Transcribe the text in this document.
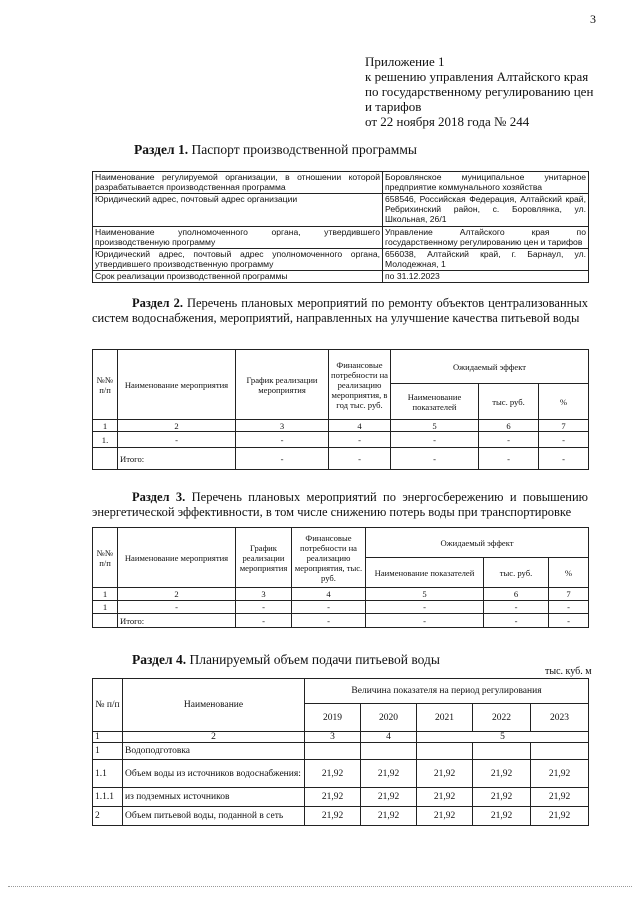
3
Приложение 1
к решению управления Алтайского края
по государственному регулированию цен
и тарифов
от 22 ноября 2018 года № 244
Раздел 1. Паспорт производственной программы
Наименование регулируемой организации, в отношении которой разрабатывается производственная программа	Боровлянское муниципальное унитарное предприятие коммунального хозяйства
Юридический адрес, почтовый адрес организации	658546, Российская Федерация, Алтайский край, Ребрихинский район, с. Боровлянка, ул. Школьная, 26/1
Наименование уполномоченного органа, утвердившего производственную программу	Управление Алтайского края по государственному регулированию цен и тарифов
Юридический адрес, почтовый адрес уполномоченного органа, утвердившего производственную программу	656038, Алтайский край, г. Барнаул, ул. Молодежная, 1
Срок реализации производственной программы	по 31.12.2023
Раздел 2. Перечень плановых мероприятий по ремонту объектов централизованных систем водоснабжения, мероприятий, направленных на улучшение качества питьевой воды
№№ п/п	Наименование мероприятия	График реализации мероприятия	Финансовые потребности на реализацию мероприятия, в год тыс. руб.	Ожидаемый эффект		
				Наименование показателей	тыс. руб.	%
1	2	3	4	5	6	7
1.	-	-	-	-	-	-
	Итого:	-	-	-	-	-
Раздел 3. Перечень плановых мероприятий по энергосбережению и повышению энергетической эффективности, в том числе снижению потерь воды при транспортировке
№№ п/п	Наименование мероприятия	График реализации мероприятия	Финансовые потребности на реализацию мероприятия, тыс. руб.	Ожидаемый эффект		
				Наименование показателей	тыс. руб.	%
1	2	3	4	5	6	7
1	-	-	-	-	-	-
	Итого:	-	-	-	-	-
Раздел 4. Планируемый объем подачи питьевой воды
тыс. куб. м
№ п/п	Наименование	Величина показателя на период регулирования				
		2019	2020	2021	2022	2023
1	2	3	4	5		
1	Водоподготовка					
1.1	Объем воды из источников водоснабжения:	21,92	21,92	21,92	21,92	21,92
1.1.1	из подземных источников	21,92	21,92	21,92	21,92	21,92
2	Объем питьевой воды, поданной в сеть	21,92	21,92	21,92	21,92	21,92
